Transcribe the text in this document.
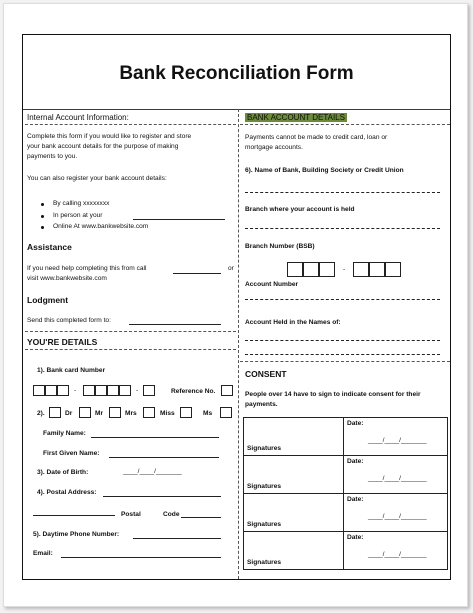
Bank Reconciliation Form
Internal Account Information:
Complete this form if you would like to register and store
your bank account details for the purpose of making
payments to you.
You can also register your bank account details:
By calling xxxxxxxx
In person at your
Online At www.bankwebsite.com
Assistance
If you need help completing this from call	or
visit www.bankwebsite.com
Lodgment
Send this completed form to:
YOU'RE DETAILS
1). Bank card Number
-	-	Reference No.
2).	Dr	Mr	Mrs	Miss	Ms
Family Name:
First Given Name:
3). Date of Birth:	____/____/_______
4). Postal Address:
Postal	Code
5). Daytime Phone Number:
Email:
BANK ACCOUNT DETAILS
Payments cannot be made to credit card, loan or
mortgage accounts.
6). Name of Bank, Building Society or Credit Union
Branch where your account is held
Branch Number (BSB)
-
Account Number
Account Held in the Names of:
CONSENT
People over 14 have to sign to indicate consent for their
payments.
Signatures	Date:
____/____/_______

Signatures	Date:
____/____/_______

Signatures	Date:
____/____/_______

Signatures	Date:
____/____/_______
